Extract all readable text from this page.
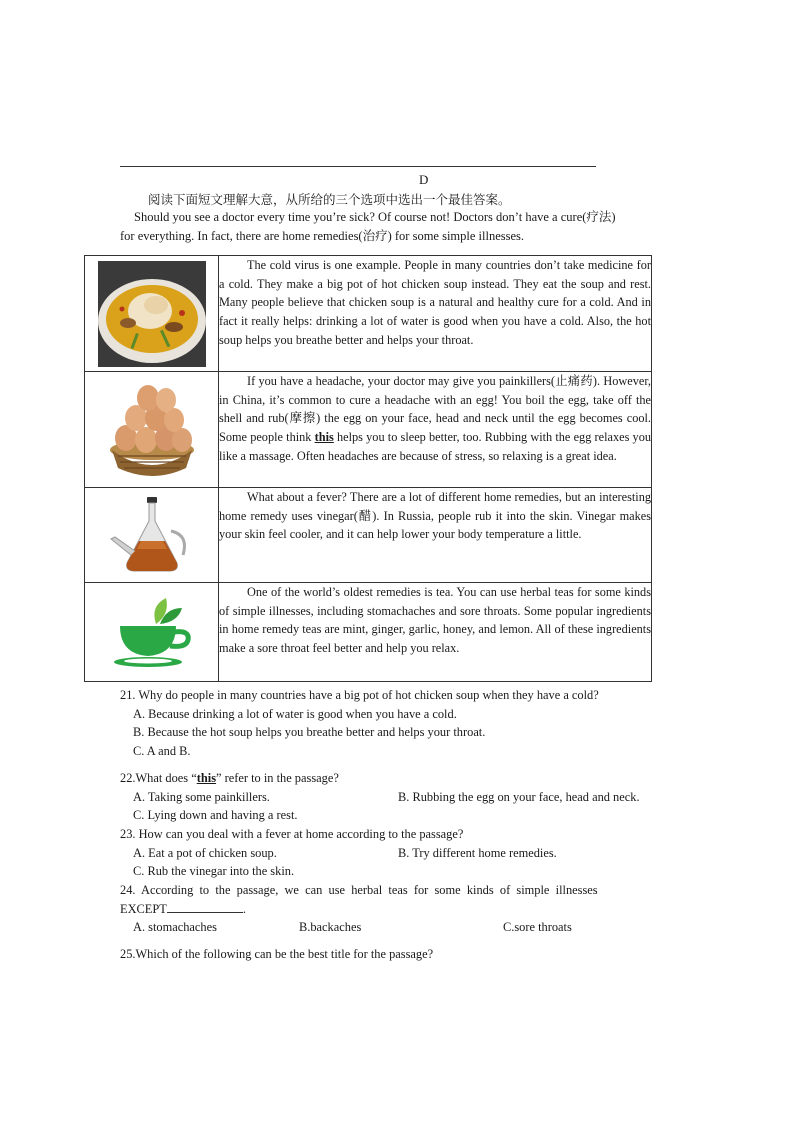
D
阅读下面短文理解大意，从所给的三个选项中选出一个最佳答案。

Should you see a doctor every time you’re sick? Of course not! Doctors don’t have a cure(疗法)

for everything. In fact, there are home remedies(治疗) for some simple illnesses.

The cold virus is one example. People in many countries don’t take medicine for a cold. They make a big pot of hot chicken soup instead. They eat the soup and rest. Many people believe that chicken soup is a natural and healthy cure for a cold. And in fact it really helps: drinking a lot of water is good when you have a cold. Also, the hot soup helps you breathe better and helps your throat.

If you have a headache, your doctor may give you painkillers(止痛药). However, in China, it’s common to cure a headache with an egg! You boil the egg, take off the shell and rub(摩擦) the egg on your face, head and neck until the egg becomes cool. Some people think this helps you to sleep better, too. Rubbing with the egg relaxes you like a massage. Often headaches are because of stress, so relaxing is a great idea.

What about a fever? There are a lot of different home remedies, but an interesting home remedy uses vinegar(醋). In Russia, people rub it into the skin. Vinegar makes your skin feel cooler, and it can help lower your body temperature a little.

One of the world’s oldest remedies is tea. You can use herbal teas for some kinds of simple illnesses, including stomachaches and sore throats. Some popular ingredients in home remedy teas are mint, ginger, garlic, honey, and lemon. All of these ingredients make a sore throat feel better and help you relax.

21. Why do people in many countries have a big pot of hot chicken soup when they have a cold?

A. Because drinking a lot of water is good when you have a cold.

B. Because the hot soup helps you breathe better and helps your throat.

C. A and B.

22.What does “this” refer to in the passage?

A. Taking some painkillers.	B. Rubbing the egg on your face, head and neck.

C. Lying down and having a rest.

23. How can you deal with a fever at home according to the passage?

A. Eat a pot of chicken soup.	B. Try different home remedies.

C. Rub the vinegar into the skin.

24.  According  to  the  passage,  we  can  use  herbal  teas  for  some  kinds  of  simple  illnesses

EXCEPT	.

A. stomachaches	B.backaches	C.sore throats

25.Which of the following can be the best title for the passage?
